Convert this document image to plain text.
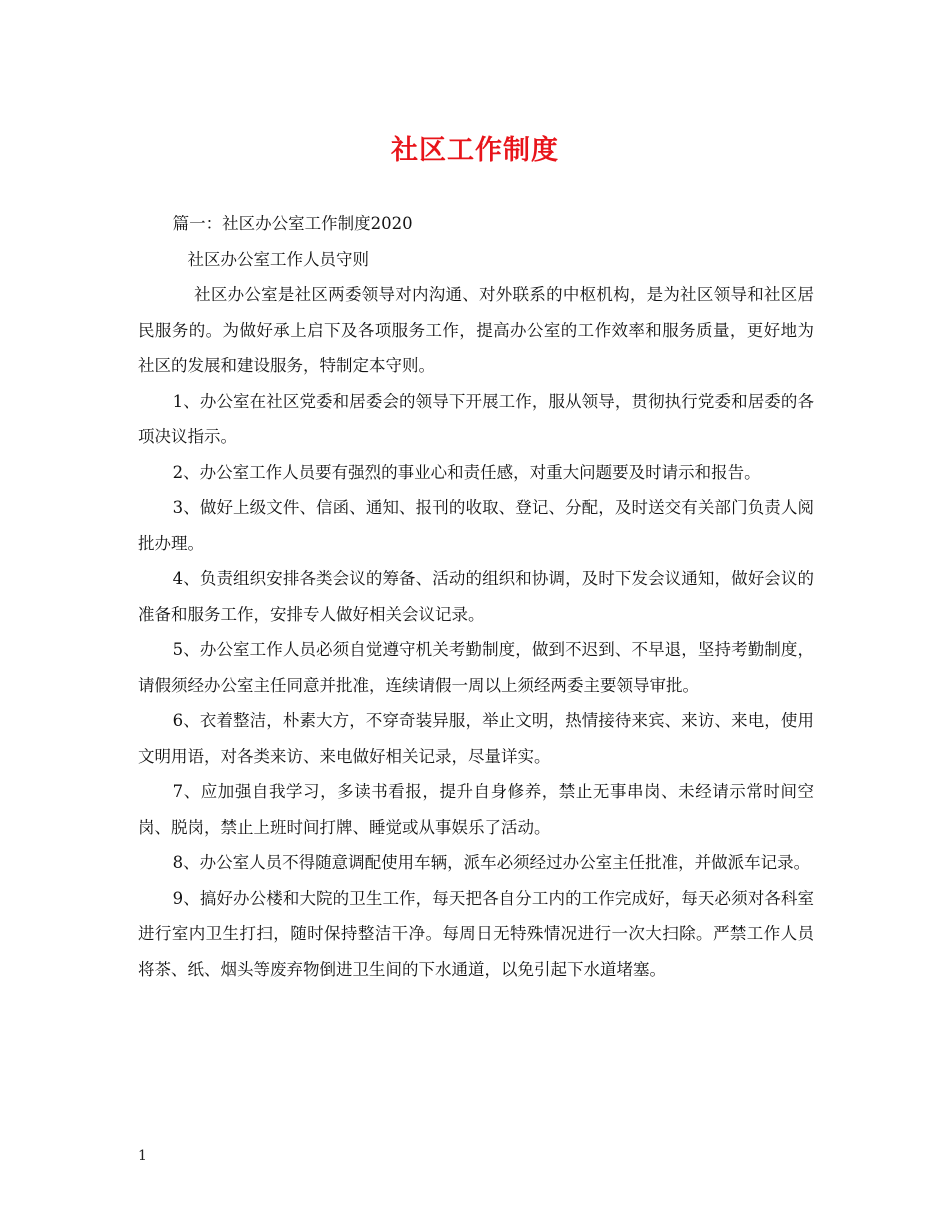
社区工作制度

篇一：社区办公室工作制度2020

社区办公室工作人员守则

社区办公室是社区两委领导对内沟通、对外联系的中枢机构，是为社区领导和社区居民服务的。为做好承上启下及各项服务工作，提高办公室的工作效率和服务质量，更好地为社区的发展和建设服务，特制定本守则。

1、办公室在社区党委和居委会的领导下开展工作，服从领导，贯彻执行党委和居委的各项决议指示。

2、办公室工作人员要有强烈的事业心和责任感，对重大问题要及时请示和报告。

3、做好上级文件、信函、通知、报刊的收取、登记、分配，及时送交有关部门负责人阅批办理。

4、负责组织安排各类会议的筹备、活动的组织和协调，及时下发会议通知，做好会议的准备和服务工作，安排专人做好相关会议记录。

5、办公室工作人员必须自觉遵守机关考勤制度，做到不迟到、不早退，坚持考勤制度，请假须经办公室主任同意并批准，连续请假一周以上须经两委主要领导审批。

6、衣着整洁，朴素大方，不穿奇装异服，举止文明，热情接待来宾、来访、来电，使用文明用语，对各类来访、来电做好相关记录，尽量详实。

7、应加强自我学习，多读书看报，提升自身修养，禁止无事串岗、未经请示常时间空岗、脱岗，禁止上班时间打牌、睡觉或从事娱乐了活动。

8、办公室人员不得随意调配使用车辆，派车必须经过办公室主任批准，并做派车记录。

9、搞好办公楼和大院的卫生工作，每天把各自分工内的工作完成好，每天必须对各科室进行室内卫生打扫，随时保持整洁干净。每周日无特殊情况进行一次大扫除。严禁工作人员将茶、纸、烟头等废弃物倒进卫生间的下水通道，以免引起下水道堵塞。

1
